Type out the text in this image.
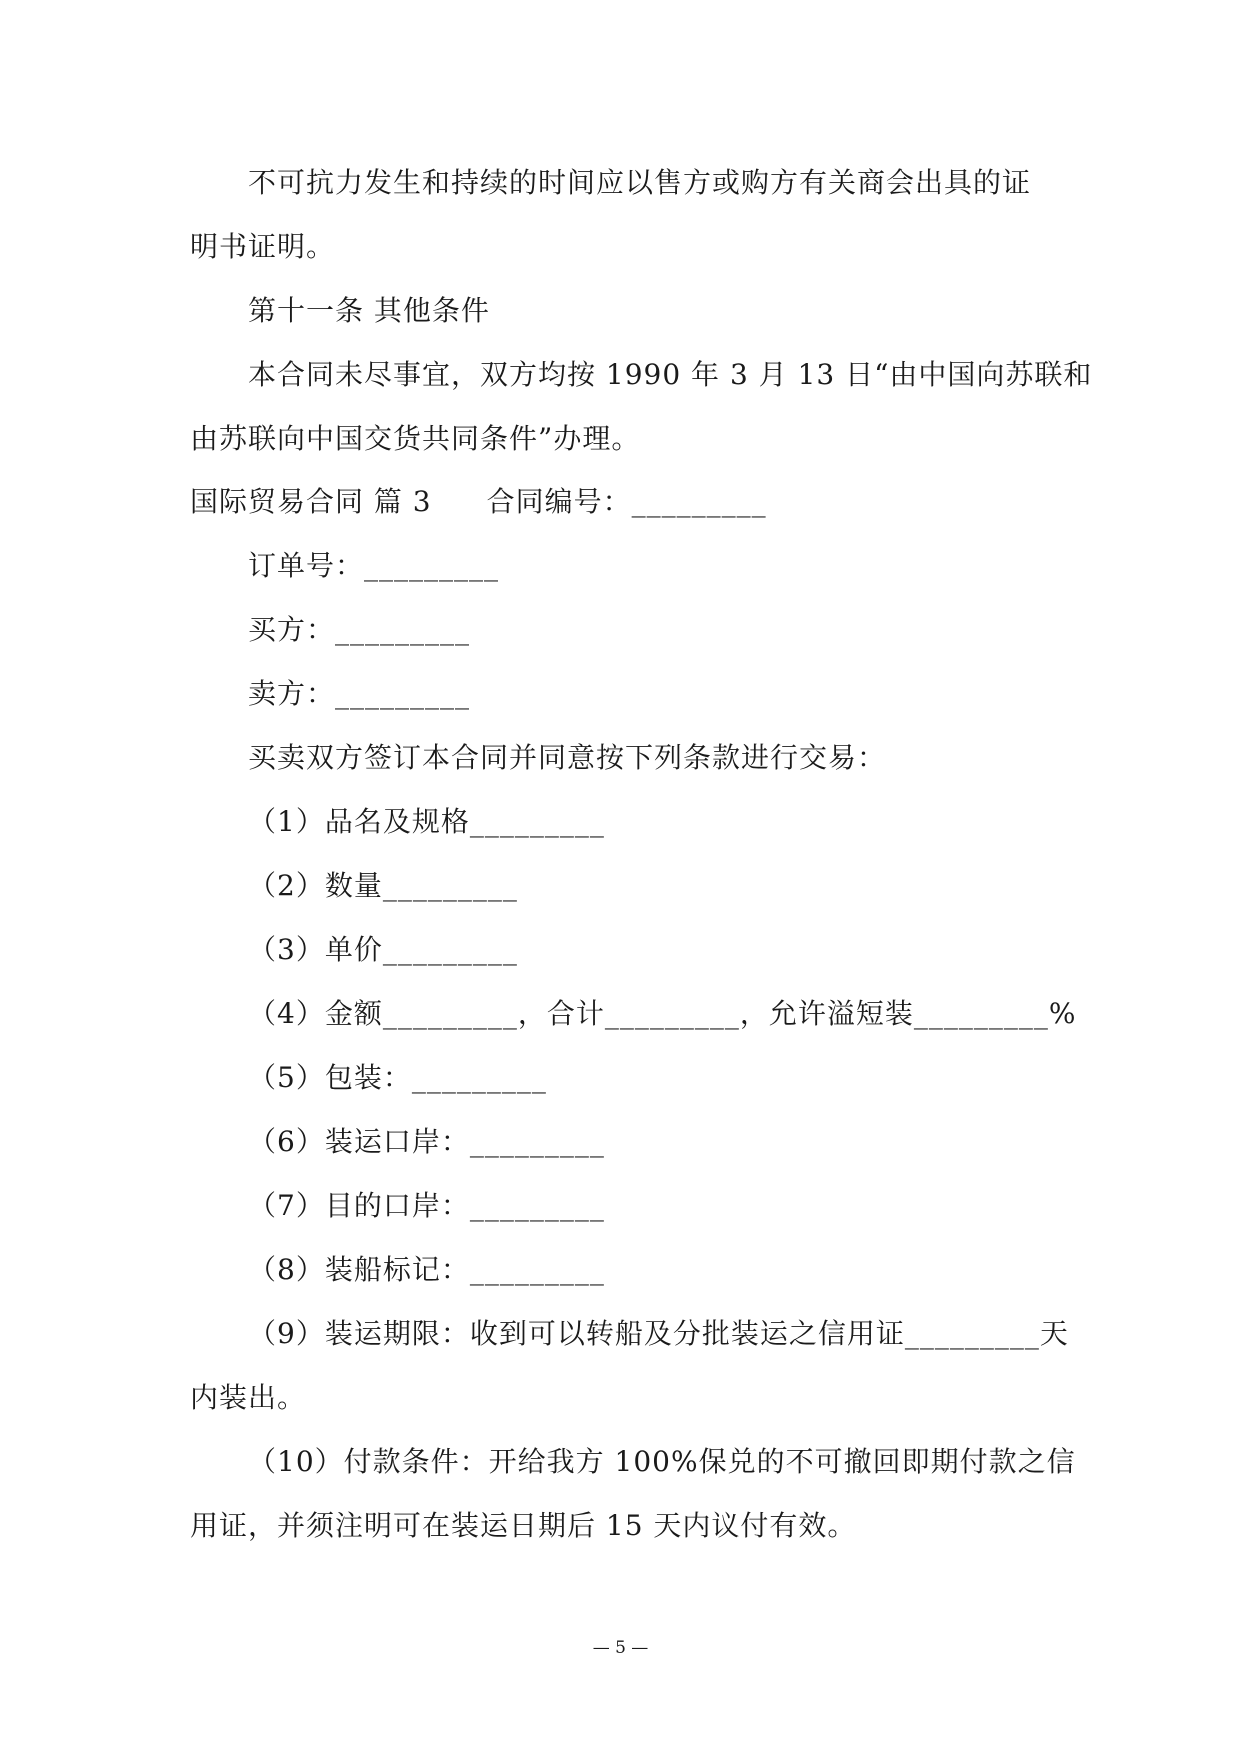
不可抗力发生和持续的时间应以售方或购方有关商会出具的证
明书证明。
第十一条 其他条件
本合同未尽事宜，双方均按 1990 年 3 月 13 日“由中国向苏联和
由苏联向中国交货共同条件”办理。
国际贸易合同 篇 3 合同编号：_________
订单号：_________
买方：_________
卖方：_________
买卖双方签订本合同并同意按下列条款进行交易：
（1）品名及规格_________
（2）数量_________
（3）单价_________
（4）金额_________，合计_________，允许溢短装_________%
（5）包装：_________
（6）装运口岸：_________
（7）目的口岸：_________
（8）装船标记：_________
（9）装运期限：收到可以转船及分批装运之信用证_________天
内装出。
（10）付款条件：开给我方 100%保兑的不可撤回即期付款之信
用证，并须注明可在装运日期后 15 天内议付有效。
— 5 —
